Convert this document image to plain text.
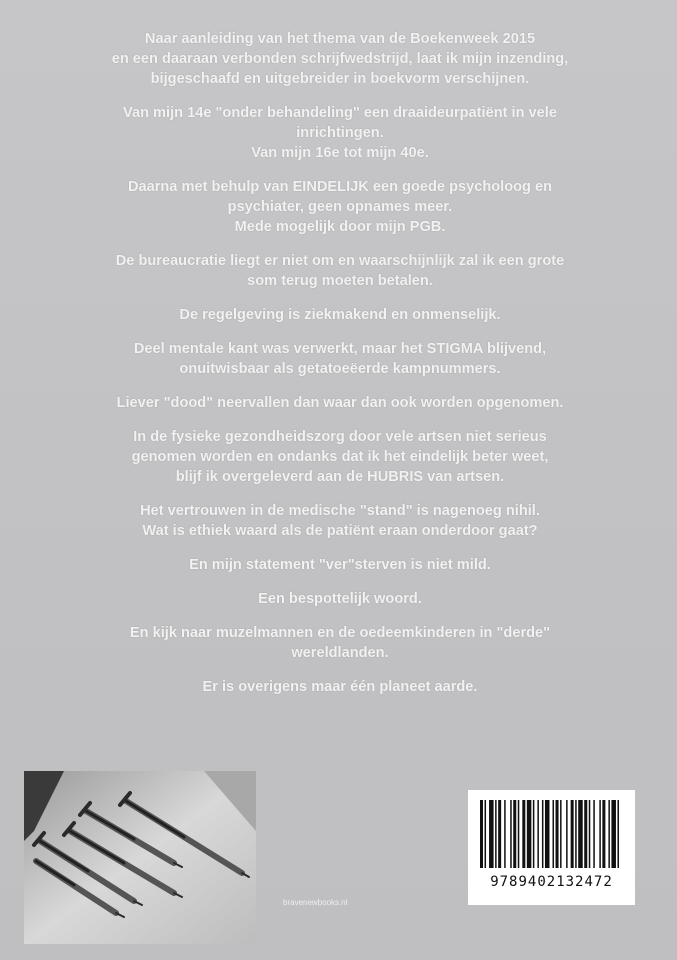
Naar aanleiding van het thema van de Boekenweek 2015
en een daaraan verbonden schrijfwedstrijd, laat ik mijn inzending,
bijgeschaafd en uitgebreider in boekvorm verschijnen.

Van mijn 14e "onder behandeling" een draaideurpatiënt in vele
inrichtingen.
Van mijn 16e tot mijn 40e.

Daarna met behulp van EINDELIJK een goede psycholoog en
psychiater, geen opnames meer.
Mede mogelijk door mijn PGB.

De bureaucratie liegt er niet om en waarschijnlijk zal ik een grote
som terug moeten betalen.

De regelgeving is ziekmakend en onmenselijk.

Deel mentale kant was verwerkt, maar het STIGMA blijvend,
onuitwisbaar als getatoeëerde kampnummers.

Liever "dood" neervallen dan waar dan ook worden opgenomen.

In de fysieke gezondheidszorg door vele artsen niet serieus
genomen worden en ondanks dat ik het eindelijk beter weet,
blijf ik overgeleverd aan de HUBRIS van artsen.

Het vertrouwen in de medische "stand" is nagenoeg nihil.
Wat is ethiek waard als de patiënt eraan onderdoor gaat?

En mijn statement "ver"sterven is niet mild.

Een bespottelijk woord.

En kijk naar muzelmannen en de oedeemkinderen in "derde"
wereldlanden.

Er is overigens maar één planeet aarde.

bravenewbooks.nl
9789402132472
